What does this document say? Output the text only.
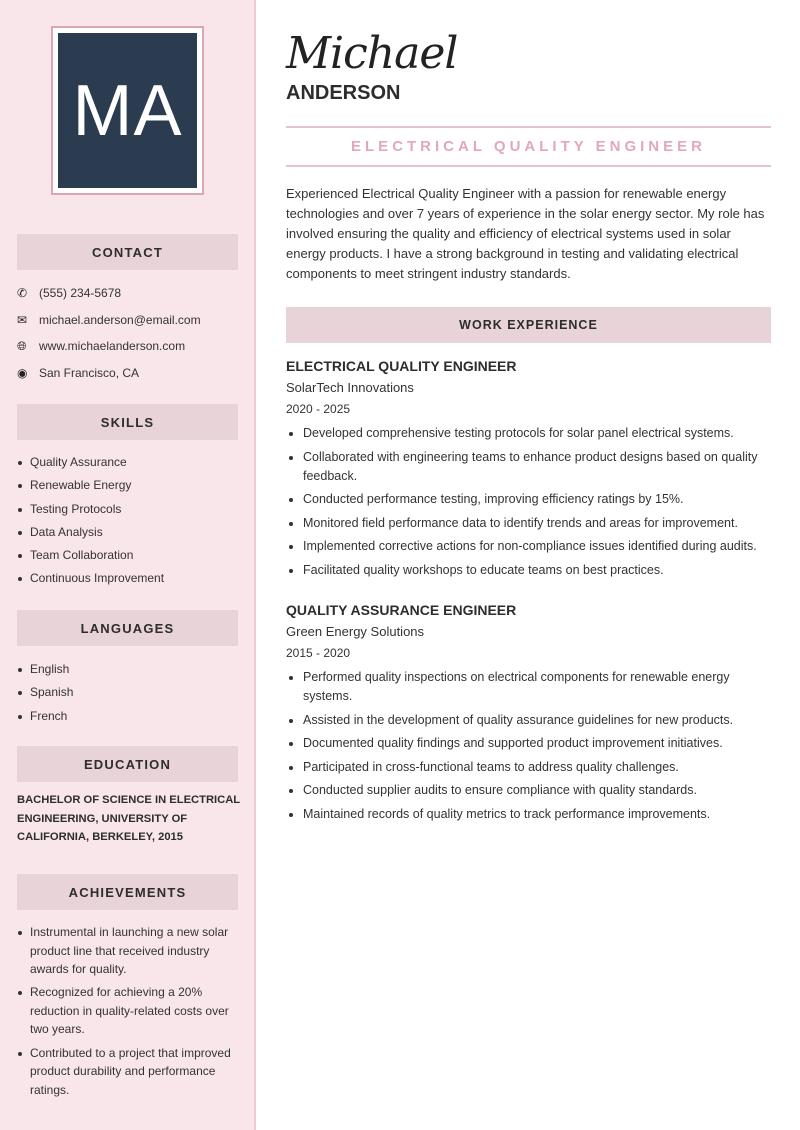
MA
CONTACT
✆ (555) 234-5678
✉ michael.anderson@email.com
🌐︎	www.michaelanderson.com
◉ San Francisco, CA
SKILLS
Quality Assurance
Renewable Energy
Testing Protocols
Data Analysis
Team Collaboration
Continuous Improvement
LANGUAGES
English
Spanish
French
EDUCATION
BACHELOR OF SCIENCE IN ELECTRICAL ENGINEERING, UNIVERSITY OF CALIFORNIA, BERKELEY, 2015
ACHIEVEMENTS
Instrumental in launching a new solar product line that received industry awards for quality.
Recognized for achieving a 20% reduction in quality-related costs over two years.
Contributed to a project that improved product durability and performance ratings.
Michael
ANDERSON
ELECTRICAL QUALITY ENGINEER
Experienced Electrical Quality Engineer with a passion for renewable energy technologies and over 7 years of experience in the solar energy sector. My role has involved ensuring the quality and efficiency of electrical systems used in solar energy products. I have a strong background in testing and validating electrical components to meet stringent industry standards.
WORK EXPERIENCE
ELECTRICAL QUALITY ENGINEER
SolarTech Innovations
2020 - 2025
Developed comprehensive testing protocols for solar panel electrical systems.
Collaborated with engineering teams to enhance product designs based on quality feedback.
Conducted performance testing, improving efficiency ratings by 15%.
Monitored field performance data to identify trends and areas for improvement.
Implemented corrective actions for non-compliance issues identified during audits.
Facilitated quality workshops to educate teams on best practices.
QUALITY ASSURANCE ENGINEER
Green Energy Solutions
2015 - 2020
Performed quality inspections on electrical components for renewable energy systems.
Assisted in the development of quality assurance guidelines for new products.
Documented quality findings and supported product improvement initiatives.
Participated in cross-functional teams to address quality challenges.
Conducted supplier audits to ensure compliance with quality standards.
Maintained records of quality metrics to track performance improvements.
